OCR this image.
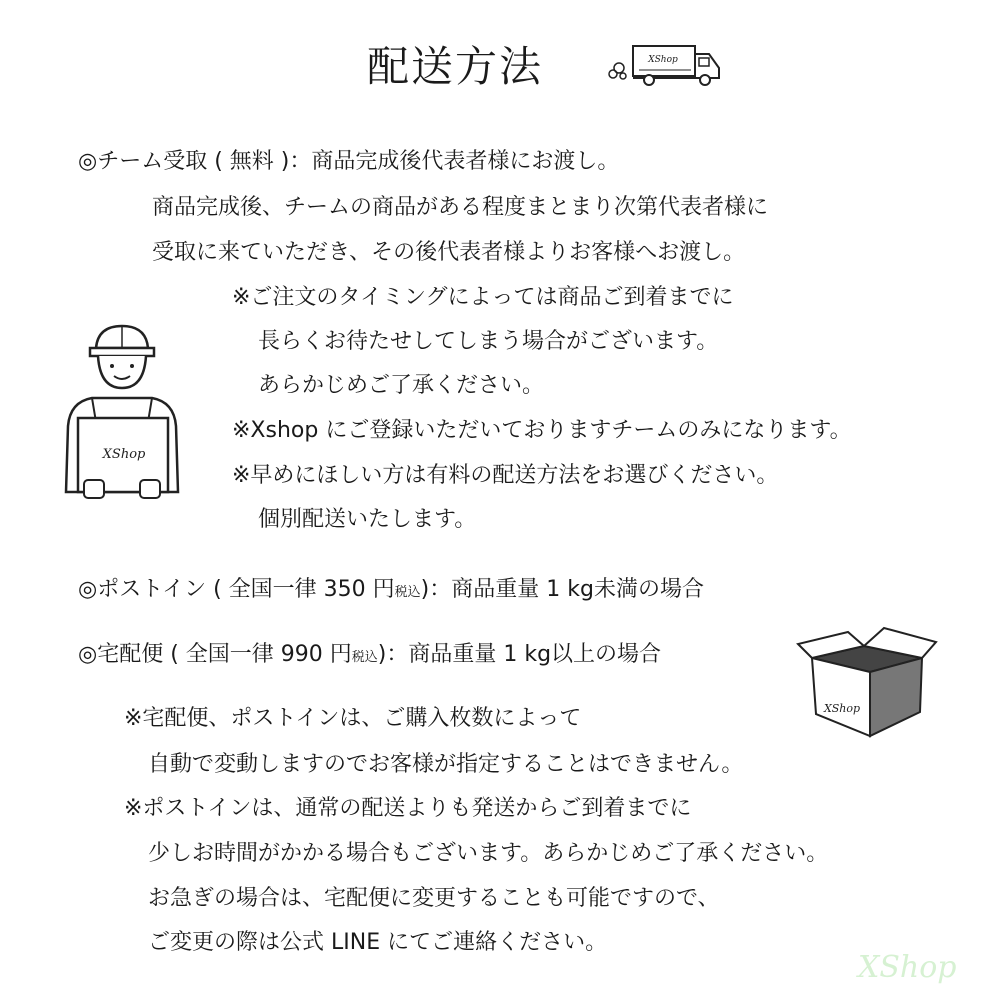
配送方法	XShop
◎チーム受取 ( 無料 )：商品完成後代表者様にお渡し。
商品完成後、チームの商品がある程度まとまり次第代表者様に
受取に来ていただき、その後代表者様よりお客様へお渡し。
※ご注文のタイミングによっては商品ご到着までに
長らくお待たせしてしまう場合がございます。
あらかじめご了承ください。
※Xshop にご登録いただいておりますチームのみになります。
※早めにほしい方は有料の配送方法をお選びください。
個別配送いたします。
XShop
◎ポストイン ( 全国一律 350 円税込)：商品重量 1 kg未満の場合
◎宅配便 ( 全国一律 990 円税込)：商品重量 1 kg以上の場合
XShop
※宅配便、ポストインは、ご購入枚数によって
自動で変動しますのでお客様が指定することはできません。
※ポストインは、通常の配送よりも発送からご到着までに
少しお時間がかかる場合もございます。あらかじめご了承ください。
お急ぎの場合は、宅配便に変更することも可能ですので、
ご変更の際は公式 LINE にてご連絡ください。
XShop
